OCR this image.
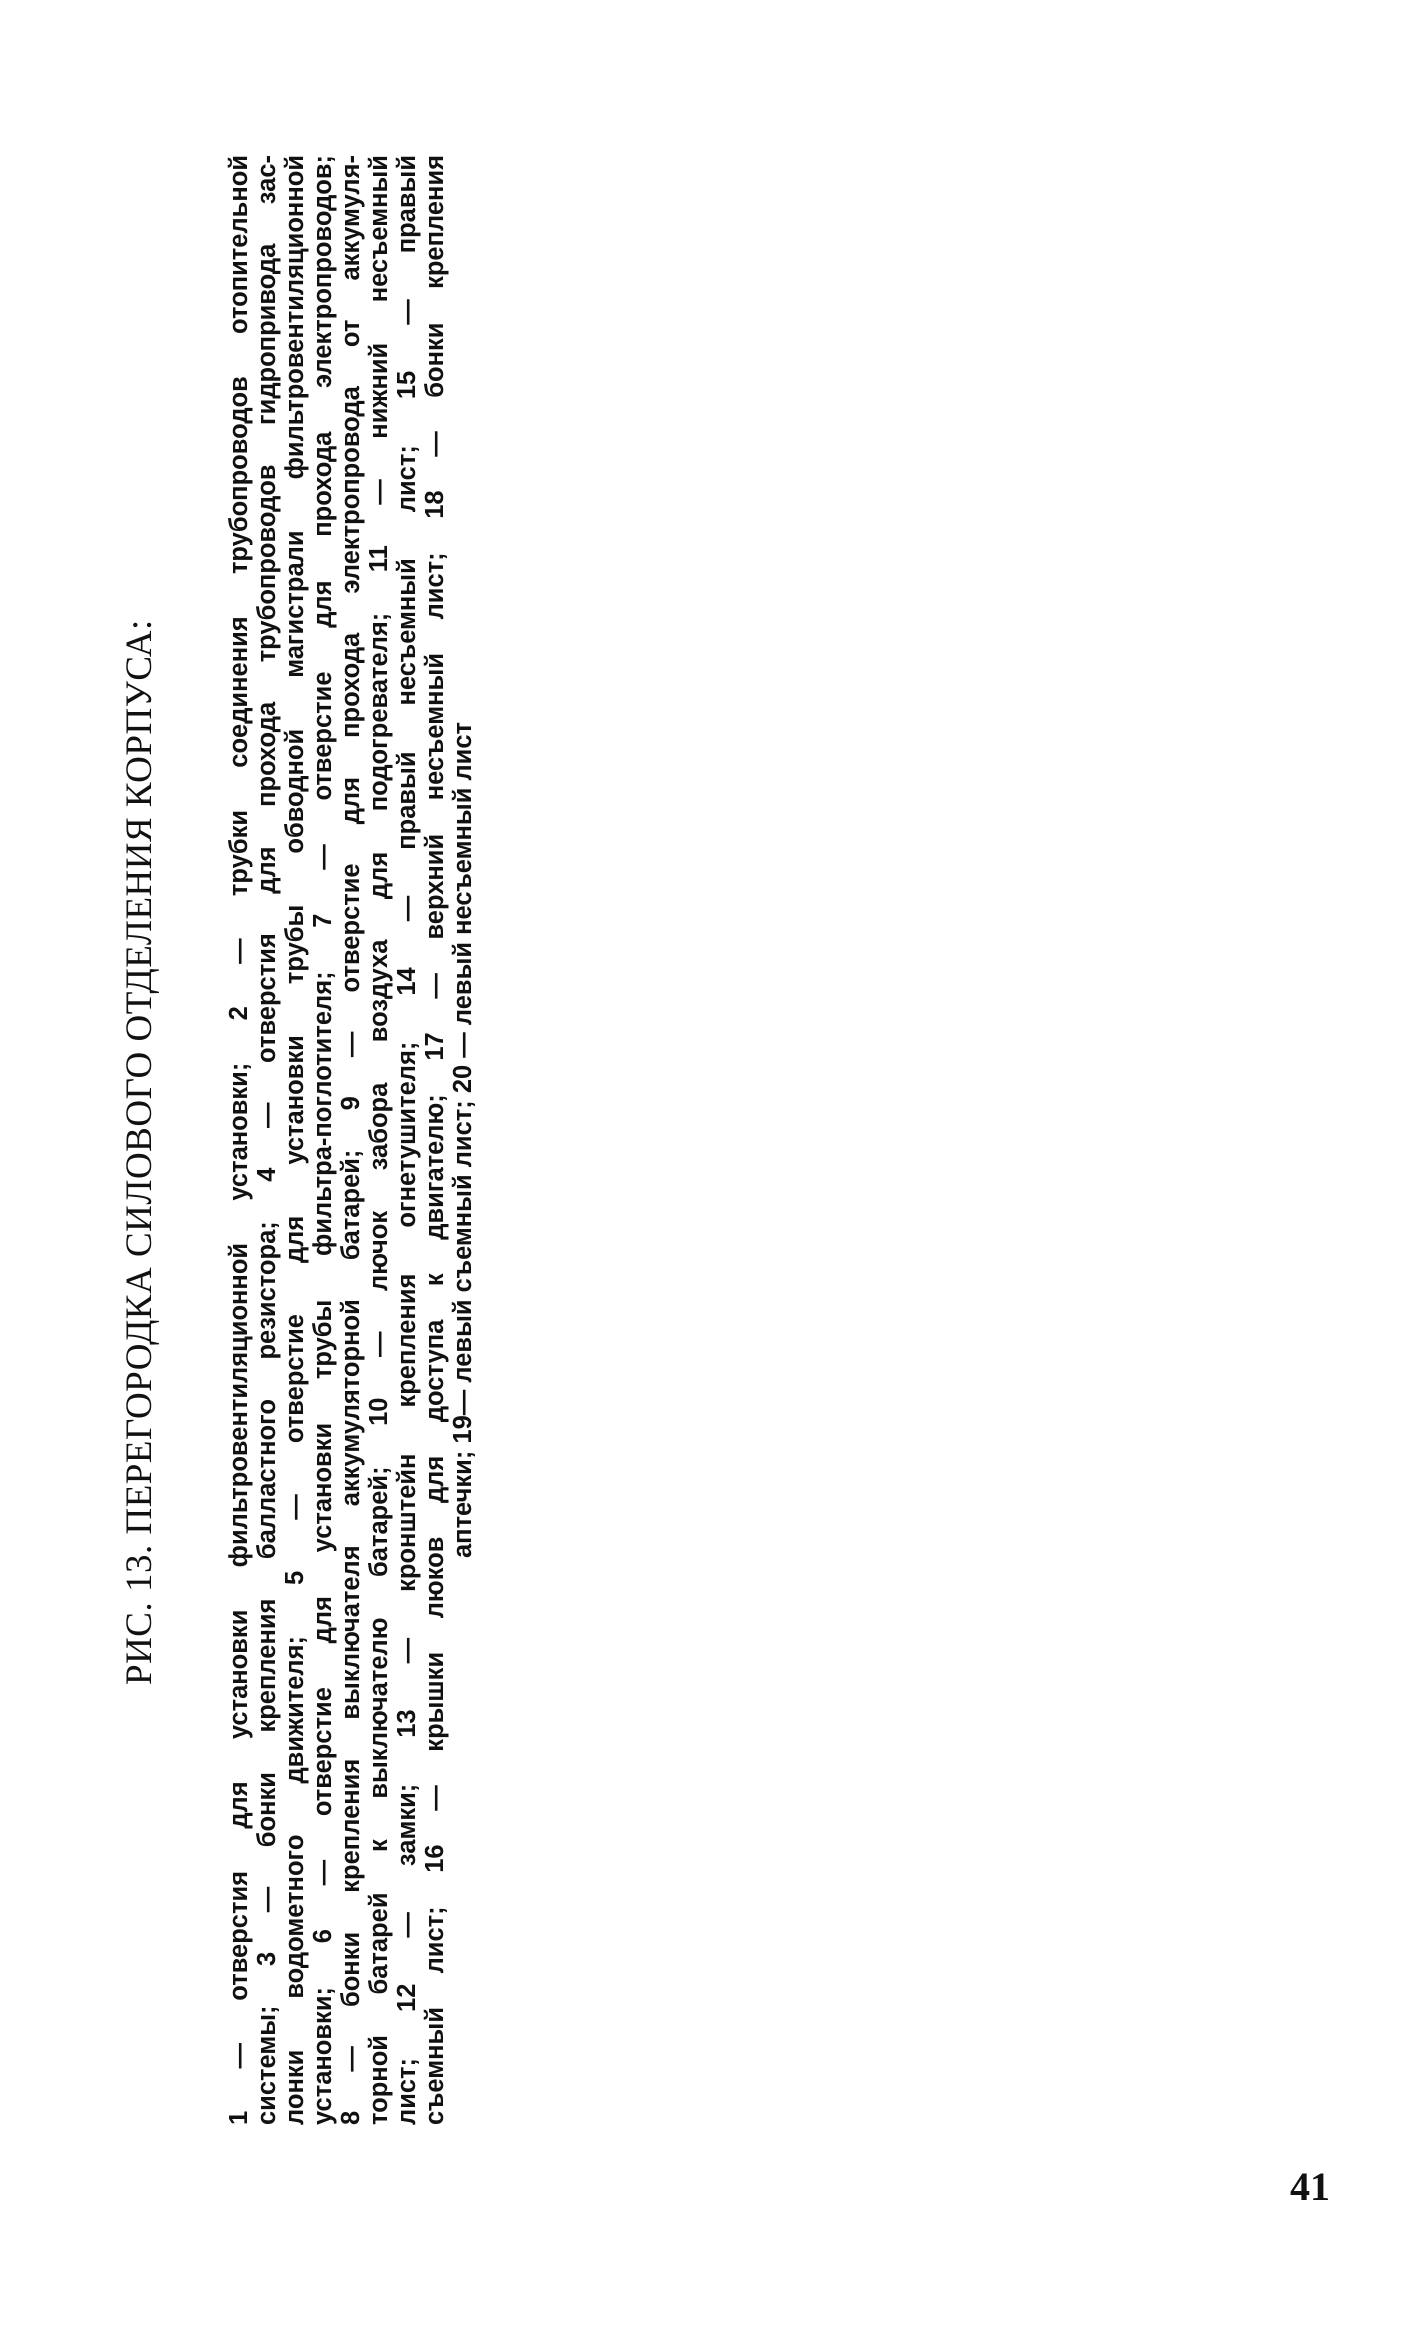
РИС. 13. ПЕРЕГОРОДКА СИЛОВОГО ОТДЕЛЕНИЯ КОРПУСА:	1 — отверстия для установки фильтровентиляционной установки; 2 — трубки соединения трубопроводов отопительной системы; 3 — бонки крепления балластного резистора; 4 — отверстия для прохода трубопроводов гидропривода зас- лонки водометного движителя; 5 — отверстие для установки трубы обводной магистрали фильтровентиляционной установки; 6 — отверстие для установки трубы фильтра-поглотителя; 7 — отверстие для прохода электропроводов; 8 — бонки крепления выключателя аккумуляторной батарей; 9 — отверстие для прохода электропровода от аккумуля- торной батарей к выключателю батарей; 10 — лючок забора воздуха для подогревателя; 11 — нижний несъемный лист; 12 — замки; 13 — кронштейн крепления огнетушителя; 14 — правый несъемный лист; 15 — правый съемный лист; 16 — крышки люков для доступа к двигателю; 17 — верхний несъемный лист; 18 — бонки крепления аптечки; 19— левый съемный лист; 20 — левый несъемный лист
41
